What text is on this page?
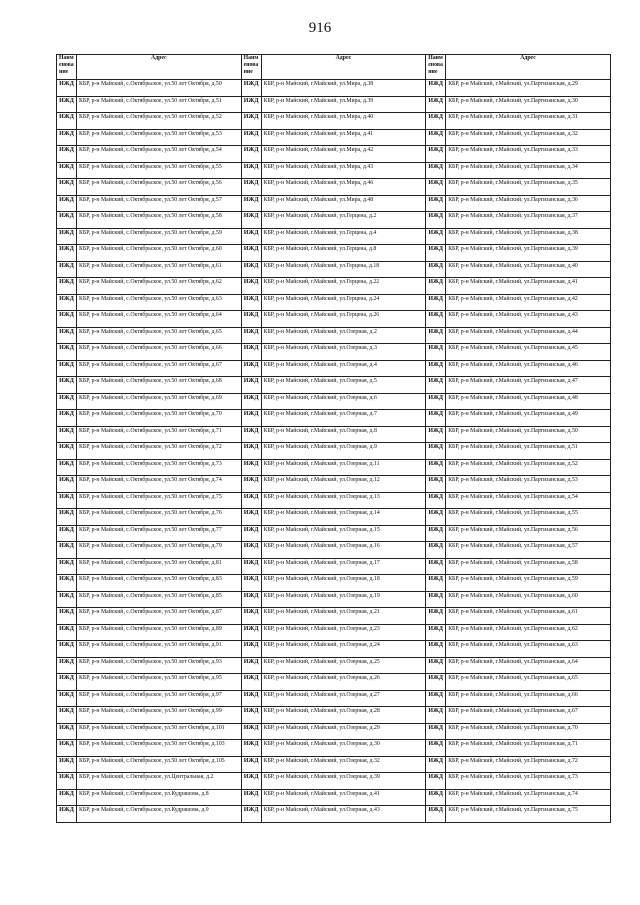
916
Наим енова ние	Адрес	Наим енова ние	Адрес	Наим енова ние	Адрес
ИЖД	КБР, р-н Майский, с.Октябрьское, ул.50 лет Октября, д.50	ИЖД	КБР, р-н Майский, г.Майский, ул.Мира, д.38	ИЖД	КБР, р-н Майский, г.Майский, ул.Партизанская, д.29
ИЖД	КБР, р-н Майский, с.Октябрьское, ул.50 лет Октября, д.51	ИЖД	КБР, р-н Майский, г.Майский, ул.Мира, д.39	ИЖД	КБР, р-н Майский, г.Майский, ул.Партизанская, д.30
ИЖД	КБР, р-н Майский, с.Октябрьское, ул.50 лет Октября, д.52	ИЖД	КБР, р-н Майский, г.Майский, ул.Мира, д.40	ИЖД	КБР, р-н Майский, г.Майский, ул.Партизанская, д.31
ИЖД	КБР, р-н Майский, с.Октябрьское, ул.50 лет Октября, д.53	ИЖД	КБР, р-н Майский, г.Майский, ул.Мира, д.41	ИЖД	КБР, р-н Майский, г.Майский, ул.Партизанская, д.32
ИЖД	КБР, р-н Майский, с.Октябрьское, ул.50 лет Октября, д.54	ИЖД	КБР, р-н Майский, г.Майский, ул.Мира, д.42	ИЖД	КБР, р-н Майский, г.Майский, ул.Партизанская, д.33
ИЖД	КБР, р-н Майский, с.Октябрьское, ул.50 лет Октября, д.55	ИЖД	КБР, р-н Майский, г.Майский, ул.Мира, д.43	ИЖД	КБР, р-н Майский, г.Майский, ул.Партизанская, д.34
ИЖД	КБР, р-н Майский, с.Октябрьское, ул.50 лет Октября, д.56	ИЖД	КБР, р-н Майский, г.Майский, ул.Мира, д.46	ИЖД	КБР, р-н Майский, г.Майский, ул.Партизанская, д.35
ИЖД	КБР, р-н Майский, с.Октябрьское, ул.50 лет Октября, д.57	ИЖД	КБР, р-н Майский, г.Майский, ул.Мира, д.48	ИЖД	КБР, р-н Майский, г.Майский, ул.Партизанская, д.36
ИЖД	КБР, р-н Майский, с.Октябрьское, ул.50 лет Октября, д.58	ИЖД	КБР, р-н Майский, г.Майский, ул.Герцена, д.2	ИЖД	КБР, р-н Майский, г.Майский, ул.Партизанская, д.37
ИЖД	КБР, р-н Майский, с.Октябрьское, ул.50 лет Октября, д.59	ИЖД	КБР, р-н Майский, г.Майский, ул.Герцена, д.4	ИЖД	КБР, р-н Майский, г.Майский, ул.Партизанская, д.38
ИЖД	КБР, р-н Майский, с.Октябрьское, ул.50 лет Октября, д.60	ИЖД	КБР, р-н Майский, г.Майский, ул.Герцена, д.8	ИЖД	КБР, р-н Майский, г.Майский, ул.Партизанская, д.39
ИЖД	КБР, р-н Майский, с.Октябрьское, ул.50 лет Октября, д.61	ИЖД	КБР, р-н Майский, г.Майский, ул.Герцена, д.18	ИЖД	КБР, р-н Майский, г.Майский, ул.Партизанская, д.40
ИЖД	КБР, р-н Майский, с.Октябрьское, ул.50 лет Октября, д.62	ИЖД	КБР, р-н Майский, г.Майский, ул.Герцена, д.22	ИЖД	КБР, р-н Майский, г.Майский, ул.Партизанская, д.41
ИЖД	КБР, р-н Майский, с.Октябрьское, ул.50 лет Октября, д.63	ИЖД	КБР, р-н Майский, г.Майский, ул.Герцена, д.24	ИЖД	КБР, р-н Майский, г.Майский, ул.Партизанская, д.42
ИЖД	КБР, р-н Майский, с.Октябрьское, ул.50 лет Октября, д.64	ИЖД	КБР, р-н Майский, г.Майский, ул.Герцена, д.26	ИЖД	КБР, р-н Майский, г.Майский, ул.Партизанская, д.43
ИЖД	КБР, р-н Майский, с.Октябрьское, ул.50 лет Октября, д.65	ИЖД	КБР, р-н Майский, г.Майский, ул.Озерная, д.2	ИЖД	КБР, р-н Майский, г.Майский, ул.Партизанская, д.44
ИЖД	КБР, р-н Майский, с.Октябрьское, ул.50 лет Октября, д.66	ИЖД	КБР, р-н Майский, г.Майский, ул.Озерная, д.3	ИЖД	КБР, р-н Майский, г.Майский, ул.Партизанская, д.45
ИЖД	КБР, р-н Майский, с.Октябрьское, ул.50 лет Октября, д.67	ИЖД	КБР, р-н Майский, г.Майский, ул.Озерная, д.4	ИЖД	КБР, р-н Майский, г.Майский, ул.Партизанская, д.46
ИЖД	КБР, р-н Майский, с.Октябрьское, ул.50 лет Октября, д.68	ИЖД	КБР, р-н Майский, г.Майский, ул.Озерная, д.5	ИЖД	КБР, р-н Майский, г.Майский, ул.Партизанская, д.47
ИЖД	КБР, р-н Майский, с.Октябрьское, ул.50 лет Октября, д.69	ИЖД	КБР, р-н Майский, г.Майский, ул.Озерная, д.6	ИЖД	КБР, р-н Майский, г.Майский, ул.Партизанская, д.48
ИЖД	КБР, р-н Майский, с.Октябрьское, ул.50 лет Октября, д.70	ИЖД	КБР, р-н Майский, г.Майский, ул.Озерная, д.7	ИЖД	КБР, р-н Майский, г.Майский, ул.Партизанская, д.49
ИЖД	КБР, р-н Майский, с.Октябрьское, ул.50 лет Октября, д.71	ИЖД	КБР, р-н Майский, г.Майский, ул.Озерная, д.8	ИЖД	КБР, р-н Майский, г.Майский, ул.Партизанская, д.50
ИЖД	КБР, р-н Майский, с.Октябрьское, ул.50 лет Октября, д.72	ИЖД	КБР, р-н Майский, г.Майский, ул.Озерная, д.9	ИЖД	КБР, р-н Майский, г.Майский, ул.Партизанская, д.51
ИЖД	КБР, р-н Майский, с.Октябрьское, ул.50 лет Октября, д.73	ИЖД	КБР, р-н Майский, г.Майский, ул.Озерная, д.11	ИЖД	КБР, р-н Майский, г.Майский, ул.Партизанская, д.52
ИЖД	КБР, р-н Майский, с.Октябрьское, ул.50 лет Октября, д.74	ИЖД	КБР, р-н Майский, г.Майский, ул.Озерная, д.12	ИЖД	КБР, р-н Майский, г.Майский, ул.Партизанская, д.53
ИЖД	КБР, р-н Майский, с.Октябрьское, ул.50 лет Октября, д.75	ИЖД	КБР, р-н Майский, г.Майский, ул.Озерная, д.13	ИЖД	КБР, р-н Майский, г.Майский, ул.Партизанская, д.54
ИЖД	КБР, р-н Майский, с.Октябрьское, ул.50 лет Октября, д.76	ИЖД	КБР, р-н Майский, г.Майский, ул.Озерная, д.14	ИЖД	КБР, р-н Майский, г.Майский, ул.Партизанская, д.55
ИЖД	КБР, р-н Майский, с.Октябрьское, ул.50 лет Октября, д.77	ИЖД	КБР, р-н Майский, г.Майский, ул.Озерная, д.15	ИЖД	КБР, р-н Майский, г.Майский, ул.Партизанская, д.56
ИЖД	КБР, р-н Майский, с.Октябрьское, ул.50 лет Октября, д.79	ИЖД	КБР, р-н Майский, г.Майский, ул.Озерная, д.16	ИЖД	КБР, р-н Майский, г.Майский, ул.Партизанская, д.57
ИЖД	КБР, р-н Майский, с.Октябрьское, ул.50 лет Октября, д.81	ИЖД	КБР, р-н Майский, г.Майский, ул.Озерная, д.17	ИЖД	КБР, р-н Майский, г.Майский, ул.Партизанская, д.58
ИЖД	КБР, р-н Майский, с.Октябрьское, ул.50 лет Октября, д.83	ИЖД	КБР, р-н Майский, г.Майский, ул.Озерная, д.18	ИЖД	КБР, р-н Майский, г.Майский, ул.Партизанская, д.59
ИЖД	КБР, р-н Майский, с.Октябрьское, ул.50 лет Октября, д.85	ИЖД	КБР, р-н Майский, г.Майский, ул.Озерная, д.19	ИЖД	КБР, р-н Майский, г.Майский, ул.Партизанская, д.60
ИЖД	КБР, р-н Майский, с.Октябрьское, ул.50 лет Октября, д.87	ИЖД	КБР, р-н Майский, г.Майский, ул.Озерная, д.21	ИЖД	КБР, р-н Майский, г.Майский, ул.Партизанская, д.61
ИЖД	КБР, р-н Майский, с.Октябрьское, ул.50 лет Октября, д.89	ИЖД	КБР, р-н Майский, г.Майский, ул.Озерная, д.23	ИЖД	КБР, р-н Майский, г.Майский, ул.Партизанская, д.62
ИЖД	КБР, р-н Майский, с.Октябрьское, ул.50 лет Октября, д.91	ИЖД	КБР, р-н Майский, г.Майский, ул.Озерная, д.24	ИЖД	КБР, р-н Майский, г.Майский, ул.Партизанская, д.63
ИЖД	КБР, р-н Майский, с.Октябрьское, ул.50 лет Октября, д.93	ИЖД	КБР, р-н Майский, г.Майский, ул.Озерная, д.25	ИЖД	КБР, р-н Майский, г.Майский, ул.Партизанская, д.64
ИЖД	КБР, р-н Майский, с.Октябрьское, ул.50 лет Октября, д.95	ИЖД	КБР, р-н Майский, г.Майский, ул.Озерная, д.26	ИЖД	КБР, р-н Майский, г.Майский, ул.Партизанская, д.65
ИЖД	КБР, р-н Майский, с.Октябрьское, ул.50 лет Октября, д.97	ИЖД	КБР, р-н Майский, г.Майский, ул.Озерная, д.27	ИЖД	КБР, р-н Майский, г.Майский, ул.Партизанская, д.66
ИЖД	КБР, р-н Майский, с.Октябрьское, ул.50 лет Октября, д.99	ИЖД	КБР, р-н Майский, г.Майский, ул.Озерная, д.28	ИЖД	КБР, р-н Майский, г.Майский, ул.Партизанская, д.67
ИЖД	КБР, р-н Майский, с.Октябрьское, ул.50 лет Октября, д.101	ИЖД	КБР, р-н Майский, г.Майский, ул.Озерная, д.29	ИЖД	КБР, р-н Майский, г.Майский, ул.Партизанская, д.70
ИЖД	КБР, р-н Майский, с.Октябрьское, ул.50 лет Октября, д.103	ИЖД	КБР, р-н Майский, г.Майский, ул.Озерная, д.30	ИЖД	КБР, р-н Майский, г.Майский, ул.Партизанская, д.71
ИЖД	КБР, р-н Майский, с.Октябрьское, ул.50 лет Октября, д.105	ИЖД	КБР, р-н Майский, г.Майский, ул.Озерная, д.32	ИЖД	КБР, р-н Майский, г.Майский, ул.Партизанская, д.72
ИЖД	КБР, р-н Майский, с.Октябрьское, ул.Центральная, д.2	ИЖД	КБР, р-н Майский, г.Майский, ул.Озерная, д.39	ИЖД	КБР, р-н Майский, г.Майский, ул.Партизанская, д.73
ИЖД	КБР, р-н Майский, с.Октябрьское, ул.Кудряшова, д.8	ИЖД	КБР, р-н Майский, г.Майский, ул.Озерная, д.41	ИЖД	КБР, р-н Майский, г.Майский, ул.Партизанская, д.74
ИЖД	КБР, р-н Майский, с.Октябрьское, ул.Кудряшова, д.9	ИЖД	КБР, р-н Майский, г.Майский, ул.Озерная, д.43	ИЖД	КБР, р-н Майский, г.Майский, ул.Партизанская, д.75
